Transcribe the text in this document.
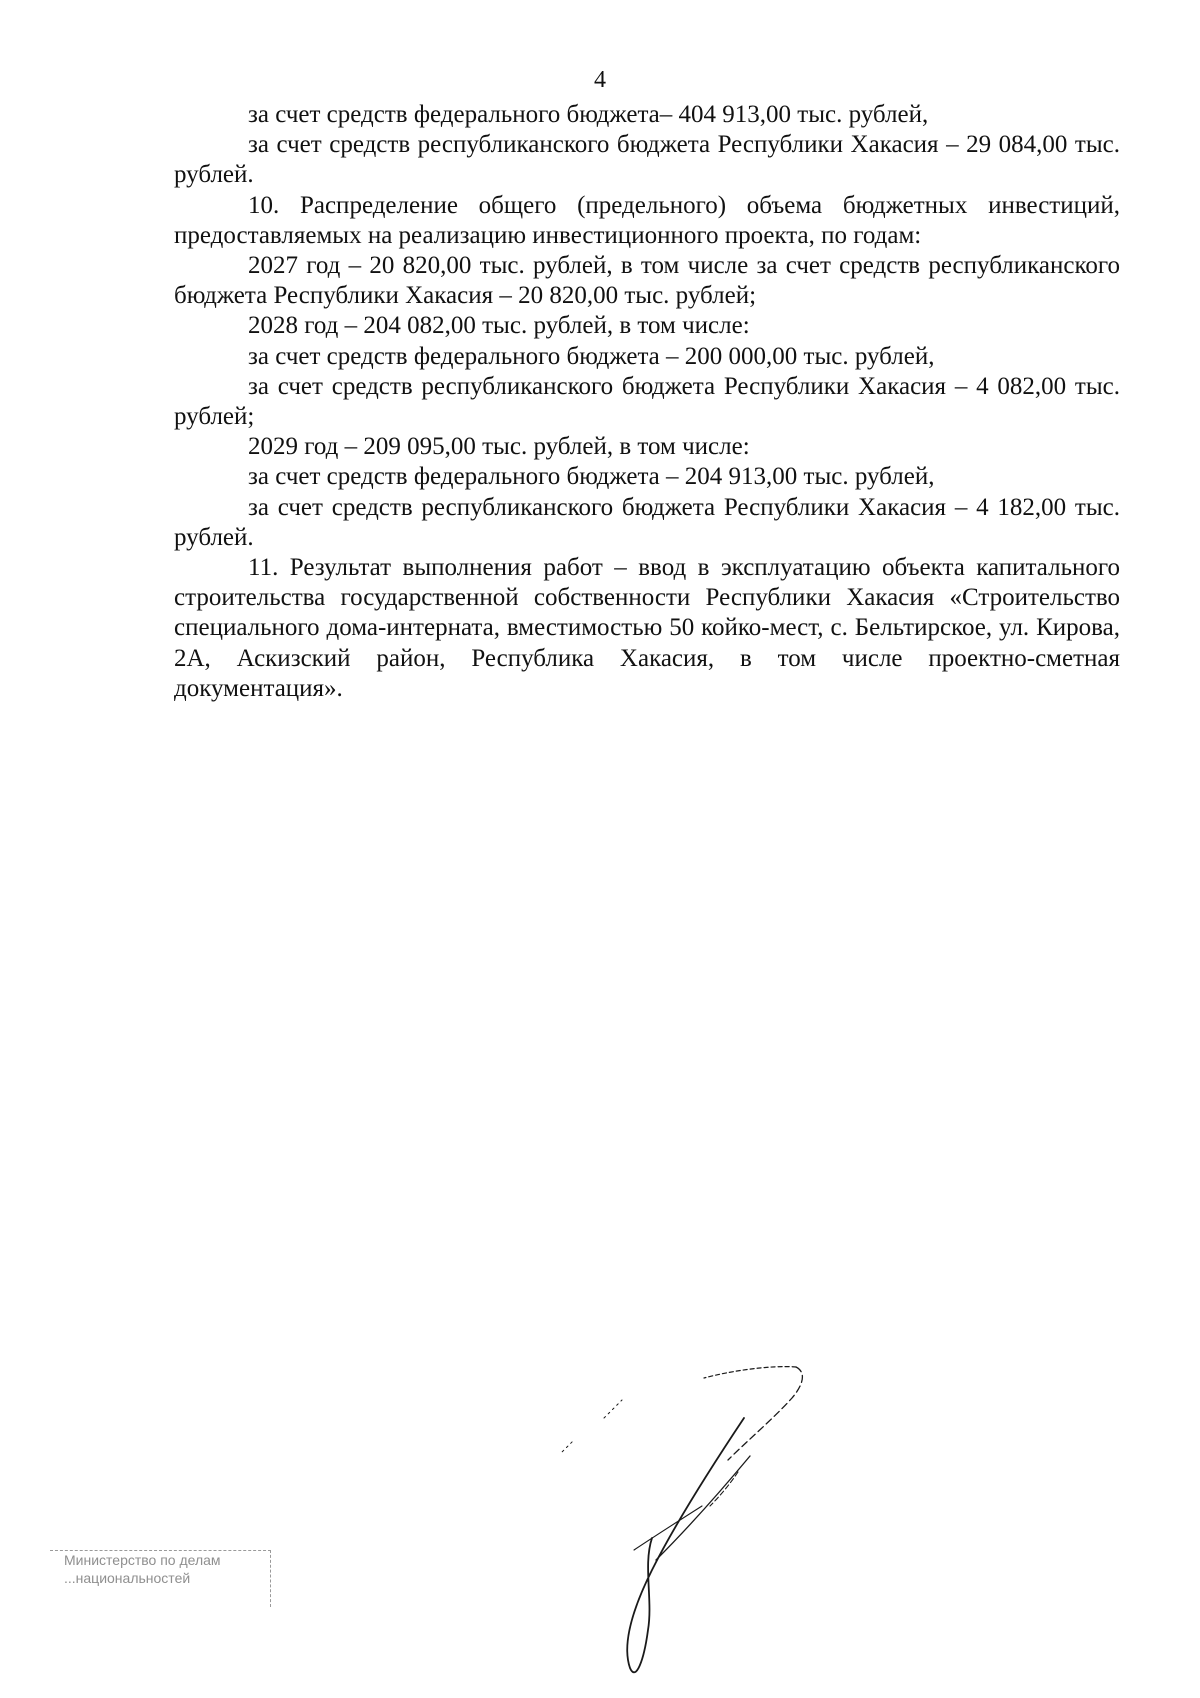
4

за счет средств федерального бюджета– 404 913,00 тыс. рублей,

за счет средств республиканского бюджета Республики Хакасия – 29 084,00 тыс. рублей.

10. Распределение общего (предельного) объема бюджетных инвестиций, предоставляемых на реализацию инвестиционного проекта, по годам:

2027 год – 20 820,00 тыс. рублей, в том числе за счет средств республиканского бюджета Республики Хакасия – 20 820,00 тыс. рублей;

2028 год – 204 082,00 тыс. рублей, в том числе:

за счет средств федерального бюджета – 200 000,00 тыс. рублей,

за счет средств республиканского бюджета Республики Хакасия – 4 082,00 тыс. рублей;

2029 год – 209 095,00 тыс. рублей, в том числе:

за счет средств федерального бюджета – 204 913,00 тыс. рублей,

за счет средств республиканского бюджета Республики Хакасия – 4 182,00 тыс. рублей.

11. Результат выполнения работ – ввод в эксплуатацию объекта капитального строительства государственной собственности Республики Хакасия «Строительство специального дома-интерната, вместимостью 50 койко-мест, с. Бельтирское, ул. Кирова, 2А, Аскизский район, Республика Хакасия, в том числе проектно-сметная документация».

Министерство по делам
...национальностей
